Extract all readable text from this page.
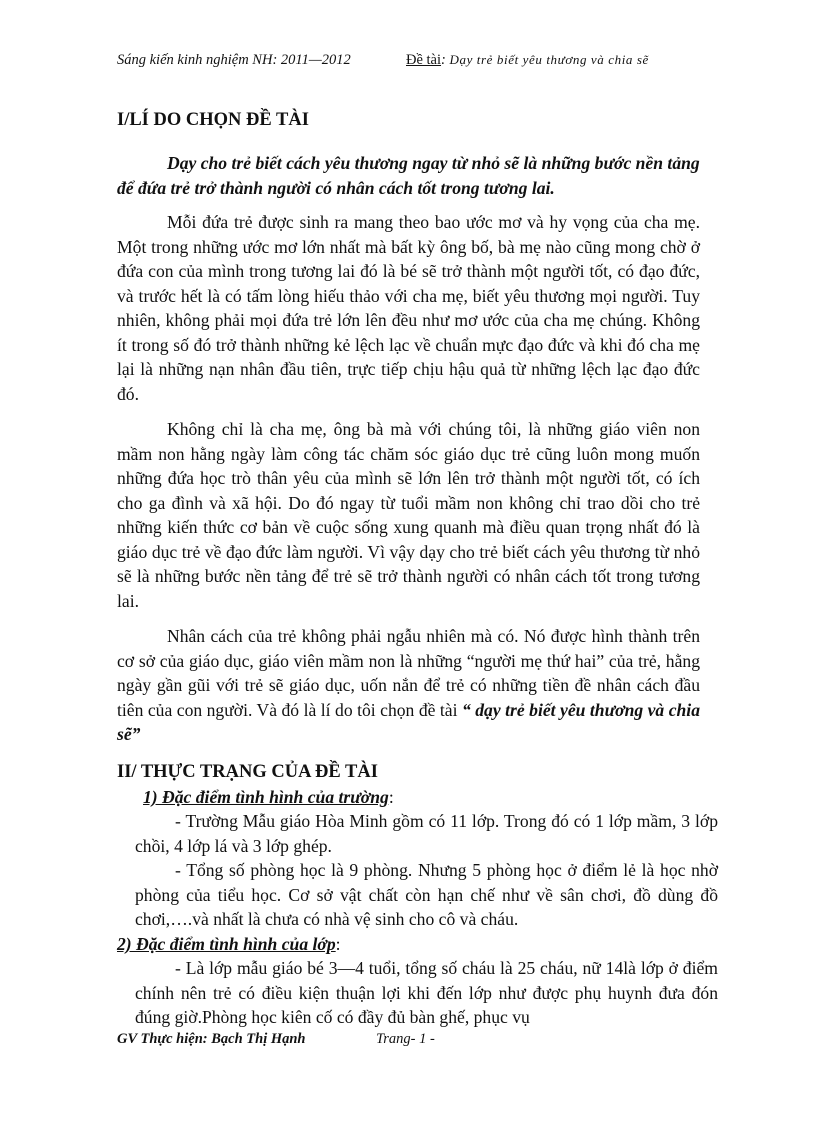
Sáng kiến kinh nghiệm NH: 2011—2012	Đề tài: Dạy trẻ biết yêu thương và chia sẽ
I/LÍ DO CHỌN ĐỀ TÀI
Dạy cho trẻ biết cách yêu thương ngay từ nhỏ sẽ là những bước nền tảng để đứa trẻ trở thành người có nhân cách tốt trong tương lai.
Mỗi đứa trẻ được sinh ra mang theo bao ước mơ và hy vọng của cha mẹ. Một trong những ước mơ lớn nhất mà bất kỳ ông bố, bà mẹ nào cũng mong chờ ở đứa con của mình trong tương lai đó là bé sẽ trở thành một người tốt, có đạo đức, và trước hết là có tấm lòng hiếu thảo với cha mẹ, biết yêu thương mọi người. Tuy nhiên, không phải mọi đứa trẻ lớn lên đều như mơ ước của cha mẹ chúng. Không ít trong số đó trở thành những kẻ lệch lạc về chuẩn mực đạo đức và khi đó cha mẹ lại là những nạn nhân đầu tiên, trực tiếp chịu hậu quả từ những lệch lạc đạo đức đó.
Không chỉ là cha mẹ, ông bà mà với chúng tôi, là những giáo viên non mầm non hằng ngày làm công tác chăm sóc giáo dục trẻ cũng luôn mong muốn những đứa học trò thân yêu của mình sẽ lớn lên trở thành một người tốt, có ích cho ga đình và xã hội. Do đó ngay từ tuổi mầm non không chỉ trao dồi cho trẻ những kiến thức cơ bản về cuộc sống xung quanh mà điều quan trọng nhất đó là giáo dục trẻ về đạo đức làm người. Vì vậy dạy cho trẻ biết cách yêu thương từ nhỏ sẽ là những bước nền tảng để trẻ sẽ trở thành người có nhân cách tốt trong tương lai.
Nhân cách của trẻ không phải ngẫu nhiên mà có. Nó được hình thành trên cơ sở của giáo dục, giáo viên mầm non là những “người mẹ thứ hai” của trẻ, hằng ngày gần gũi với trẻ sẽ giáo dục, uốn nắn để trẻ có những tiền đề nhân cách đầu tiên của con người. Và đó là lí do tôi chọn đề tài “ dạy trẻ biết yêu thương và chia sẽ”
II/ THỰC TRẠNG CỦA ĐỀ TÀI
1) Đặc điểm tình hình của trường:
- Trường Mẫu giáo Hòa Minh gồm có 11 lớp. Trong đó có 1 lớp mầm, 3 lớp chồi, 4 lớp lá và 3 lớp ghép.
- Tổng số phòng học là 9 phòng. Nhưng 5 phòng học ở điểm lẻ là học nhờ phòng của tiểu học. Cơ sở vật chất còn hạn chế như về sân chơi, đồ dùng đồ chơi,….và nhất là chưa có nhà vệ sinh cho cô và cháu.
2) Đặc điểm tình hình của lớp:
- Là lớp mẫu giáo bé 3—4 tuổi, tổng số cháu là 25 cháu, nữ 14là lớp ở điểm chính nên trẻ có điều kiện thuận lợi khi đến lớp như được phụ huynh đưa đón đúng giờ.Phòng học kiên cố có đầy đủ bàn ghế, phục vụ
GV Thực hiện: Bạch Thị Hạnh	Trang- 1 -
